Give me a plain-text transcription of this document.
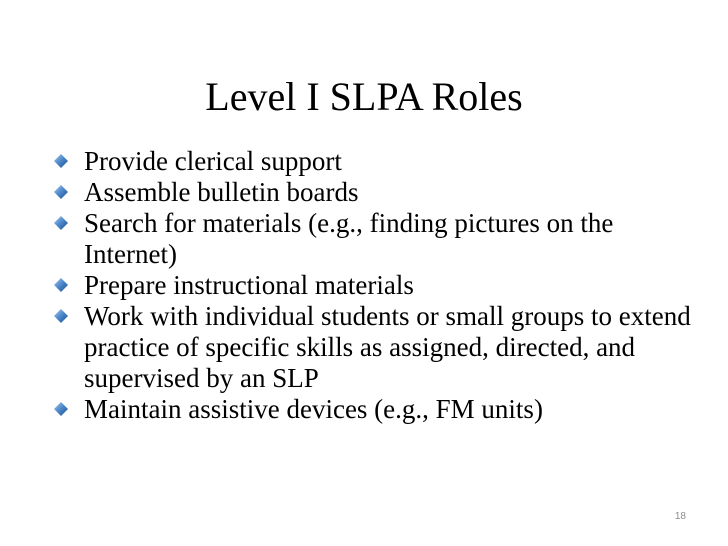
Level I SLPA Roles
Provide clerical support
Assemble bulletin boards
Search for materials (e.g., finding pictures on the Internet)
Prepare instructional materials
Work with individual students or small groups to extend practice of specific skills as assigned, directed, and supervised by an SLP
Maintain assistive devices (e.g., FM units)
18
